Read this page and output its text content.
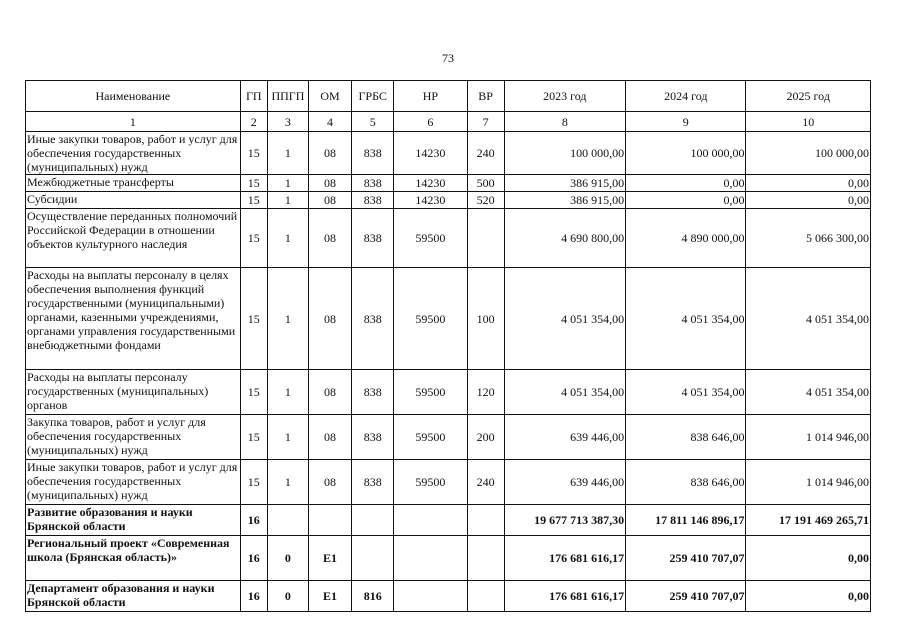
73
Наименование	ГП	ППГП	ОМ	ГРБС	НР	ВР	2023 год	2024 год	2025 год
1	2	3	4	5	6	7	8	9	10
Иные закупки товаров, работ и услуг для обеспечения государственных (муниципальных) нужд	15	1	08	838	14230	240	100 000,00	100 000,00	100 000,00
Межбюджетные трансферты	15	1	08	838	14230	500	386 915,00	0,00	0,00
Субсидии	15	1	08	838	14230	520	386 915,00	0,00	0,00
Осуществление переданных полномочий Российской Федерации в отношении объектов культурного наследия	15	1	08	838	59500		4 690 800,00	4 890 000,00	5 066 300,00
Расходы на выплаты персоналу в целях обеспечения выполнения функций государственными (муниципальными) органами, казенными учреждениями, органами управления государственными внебюджетными фондами	15	1	08	838	59500	100	4 051 354,00	4 051 354,00	4 051 354,00
Расходы на выплаты персоналу государственных (муниципальных) органов	15	1	08	838	59500	120	4 051 354,00	4 051 354,00	4 051 354,00
Закупка товаров, работ и услуг для обеспечения государственных (муниципальных) нужд	15	1	08	838	59500	200	639 446,00	838 646,00	1 014 946,00
Иные закупки товаров, работ и услуг для обеспечения государственных (муниципальных) нужд	15	1	08	838	59500	240	639 446,00	838 646,00	1 014 946,00
Развитие образования и науки Брянской области	16						19 677 713 387,30	17 811 146 896,17	17 191 469 265,71
Региональный проект «Современная школа (Брянская область)»	16	0	Е1				176 681 616,17	259 410 707,07	0,00
Департамент образования и науки Брянской области	16	0	Е1	816			176 681 616,17	259 410 707,07	0,00
